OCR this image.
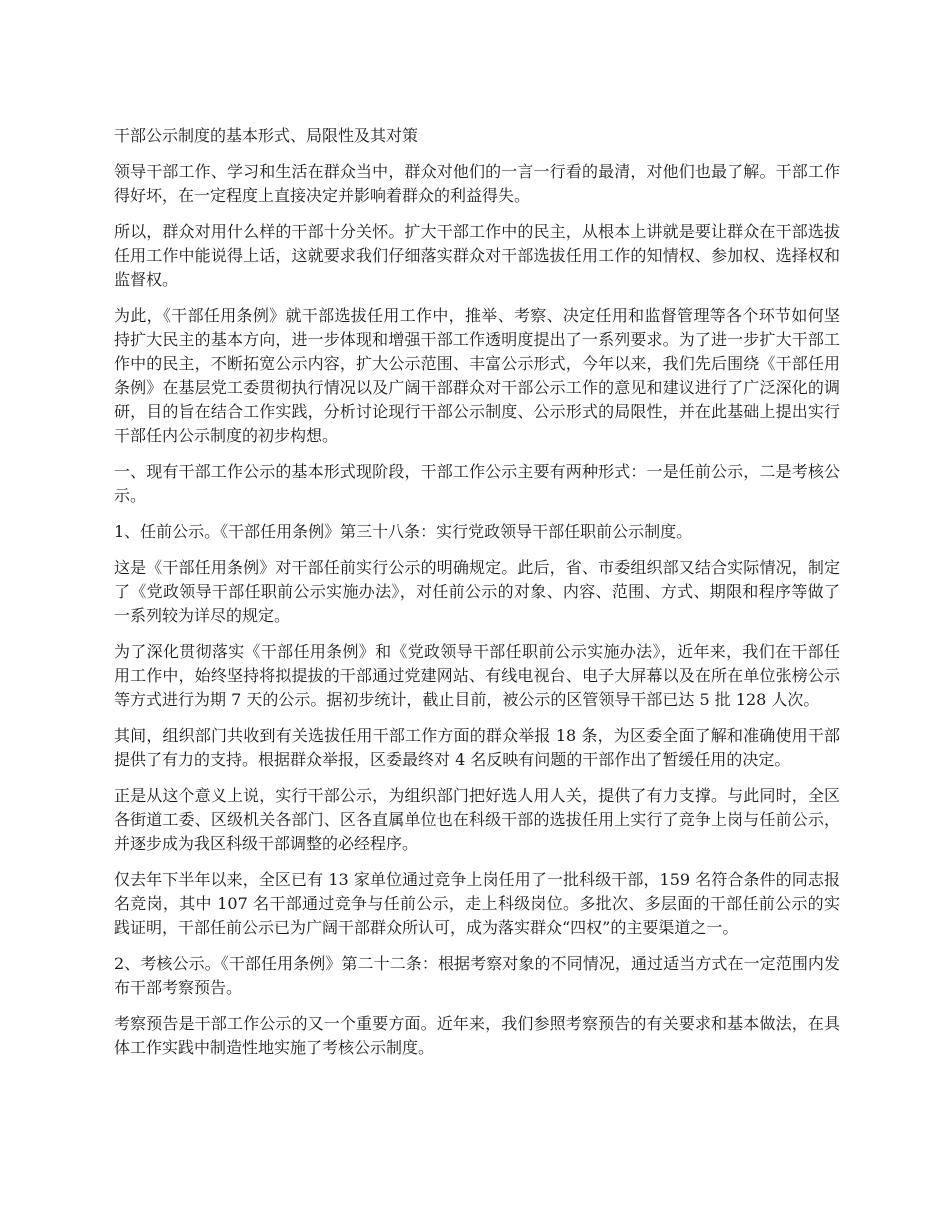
干部公示制度的基本形式、局限性及其对策

领导干部工作、学习和生活在群众当中，群众对他们的一言一行看的最清，对他们也最了解。干部工作得好坏，在一定程度上直接决定并影响着群众的利益得失。

所以，群众对用什么样的干部十分关怀。扩大干部工作中的民主，从根本上讲就是要让群众在干部选拔任用工作中能说得上话，这就要求我们仔细落实群众对干部选拔任用工作的知情权、参加权、选择权和监督权。

为此，《干部任用条例》就干部选拔任用工作中，推举、考察、决定任用和监督管理等各个环节如何坚持扩大民主的基本方向，进一步体现和增强干部工作透明度提出了一系列要求。为了进一步扩大干部工作中的民主，不断拓宽公示内容，扩大公示范围、丰富公示形式，今年以来，我们先后围绕《干部任用条例》在基层党工委贯彻执行情况以及广阔干部群众对干部公示工作的意见和建议进行了广泛深化的调研，目的旨在结合工作实践，分析讨论现行干部公示制度、公示形式的局限性，并在此基础上提出实行干部任内公示制度的初步构想。

一、现有干部工作公示的基本形式现阶段，干部工作公示主要有两种形式：一是任前公示，二是考核公示。

1、任前公示。《干部任用条例》第三十八条：实行党政领导干部任职前公示制度。

这是《干部任用条例》对干部任前实行公示的明确规定。此后，省、市委组织部又结合实际情况，制定了《党政领导干部任职前公示实施办法》，对任前公示的对象、内容、范围、方式、期限和程序等做了一系列较为详尽的规定。

为了深化贯彻落实《干部任用条例》和《党政领导干部任职前公示实施办法》，近年来，我们在干部任用工作中，始终坚持将拟提拔的干部通过党建网站、有线电视台、电子大屏幕以及在所在单位张榜公示等方式进行为期 7 天的公示。据初步统计，截止目前，被公示的区管领导干部已达 5 批 128 人次。

其间，组织部门共收到有关选拔任用干部工作方面的群众举报 18 条，为区委全面了解和准确使用干部提供了有力的支持。根据群众举报，区委最终对 4 名反映有问题的干部作出了暂缓任用的决定。

正是从这个意义上说，实行干部公示，为组织部门把好选人用人关，提供了有力支撑。与此同时，全区各街道工委、区级机关各部门、区各直属单位也在科级干部的选拔任用上实行了竞争上岗与任前公示，并逐步成为我区科级干部调整的必经程序。

仅去年下半年以来，全区已有 13 家单位通过竞争上岗任用了一批科级干部，159 名符合条件的同志报名竞岗，其中 107 名干部通过竞争与任前公示，走上科级岗位。多批次、多层面的干部任前公示的实践证明，干部任前公示已为广阔干部群众所认可，成为落实群众“四权”的主要渠道之一。

2、考核公示。《干部任用条例》第二十二条：根据考察对象的不同情况，通过适当方式在一定范围内发布干部考察预告。

考察预告是干部工作公示的又一个重要方面。近年来，我们参照考察预告的有关要求和基本做法，在具体工作实践中制造性地实施了考核公示制度。
